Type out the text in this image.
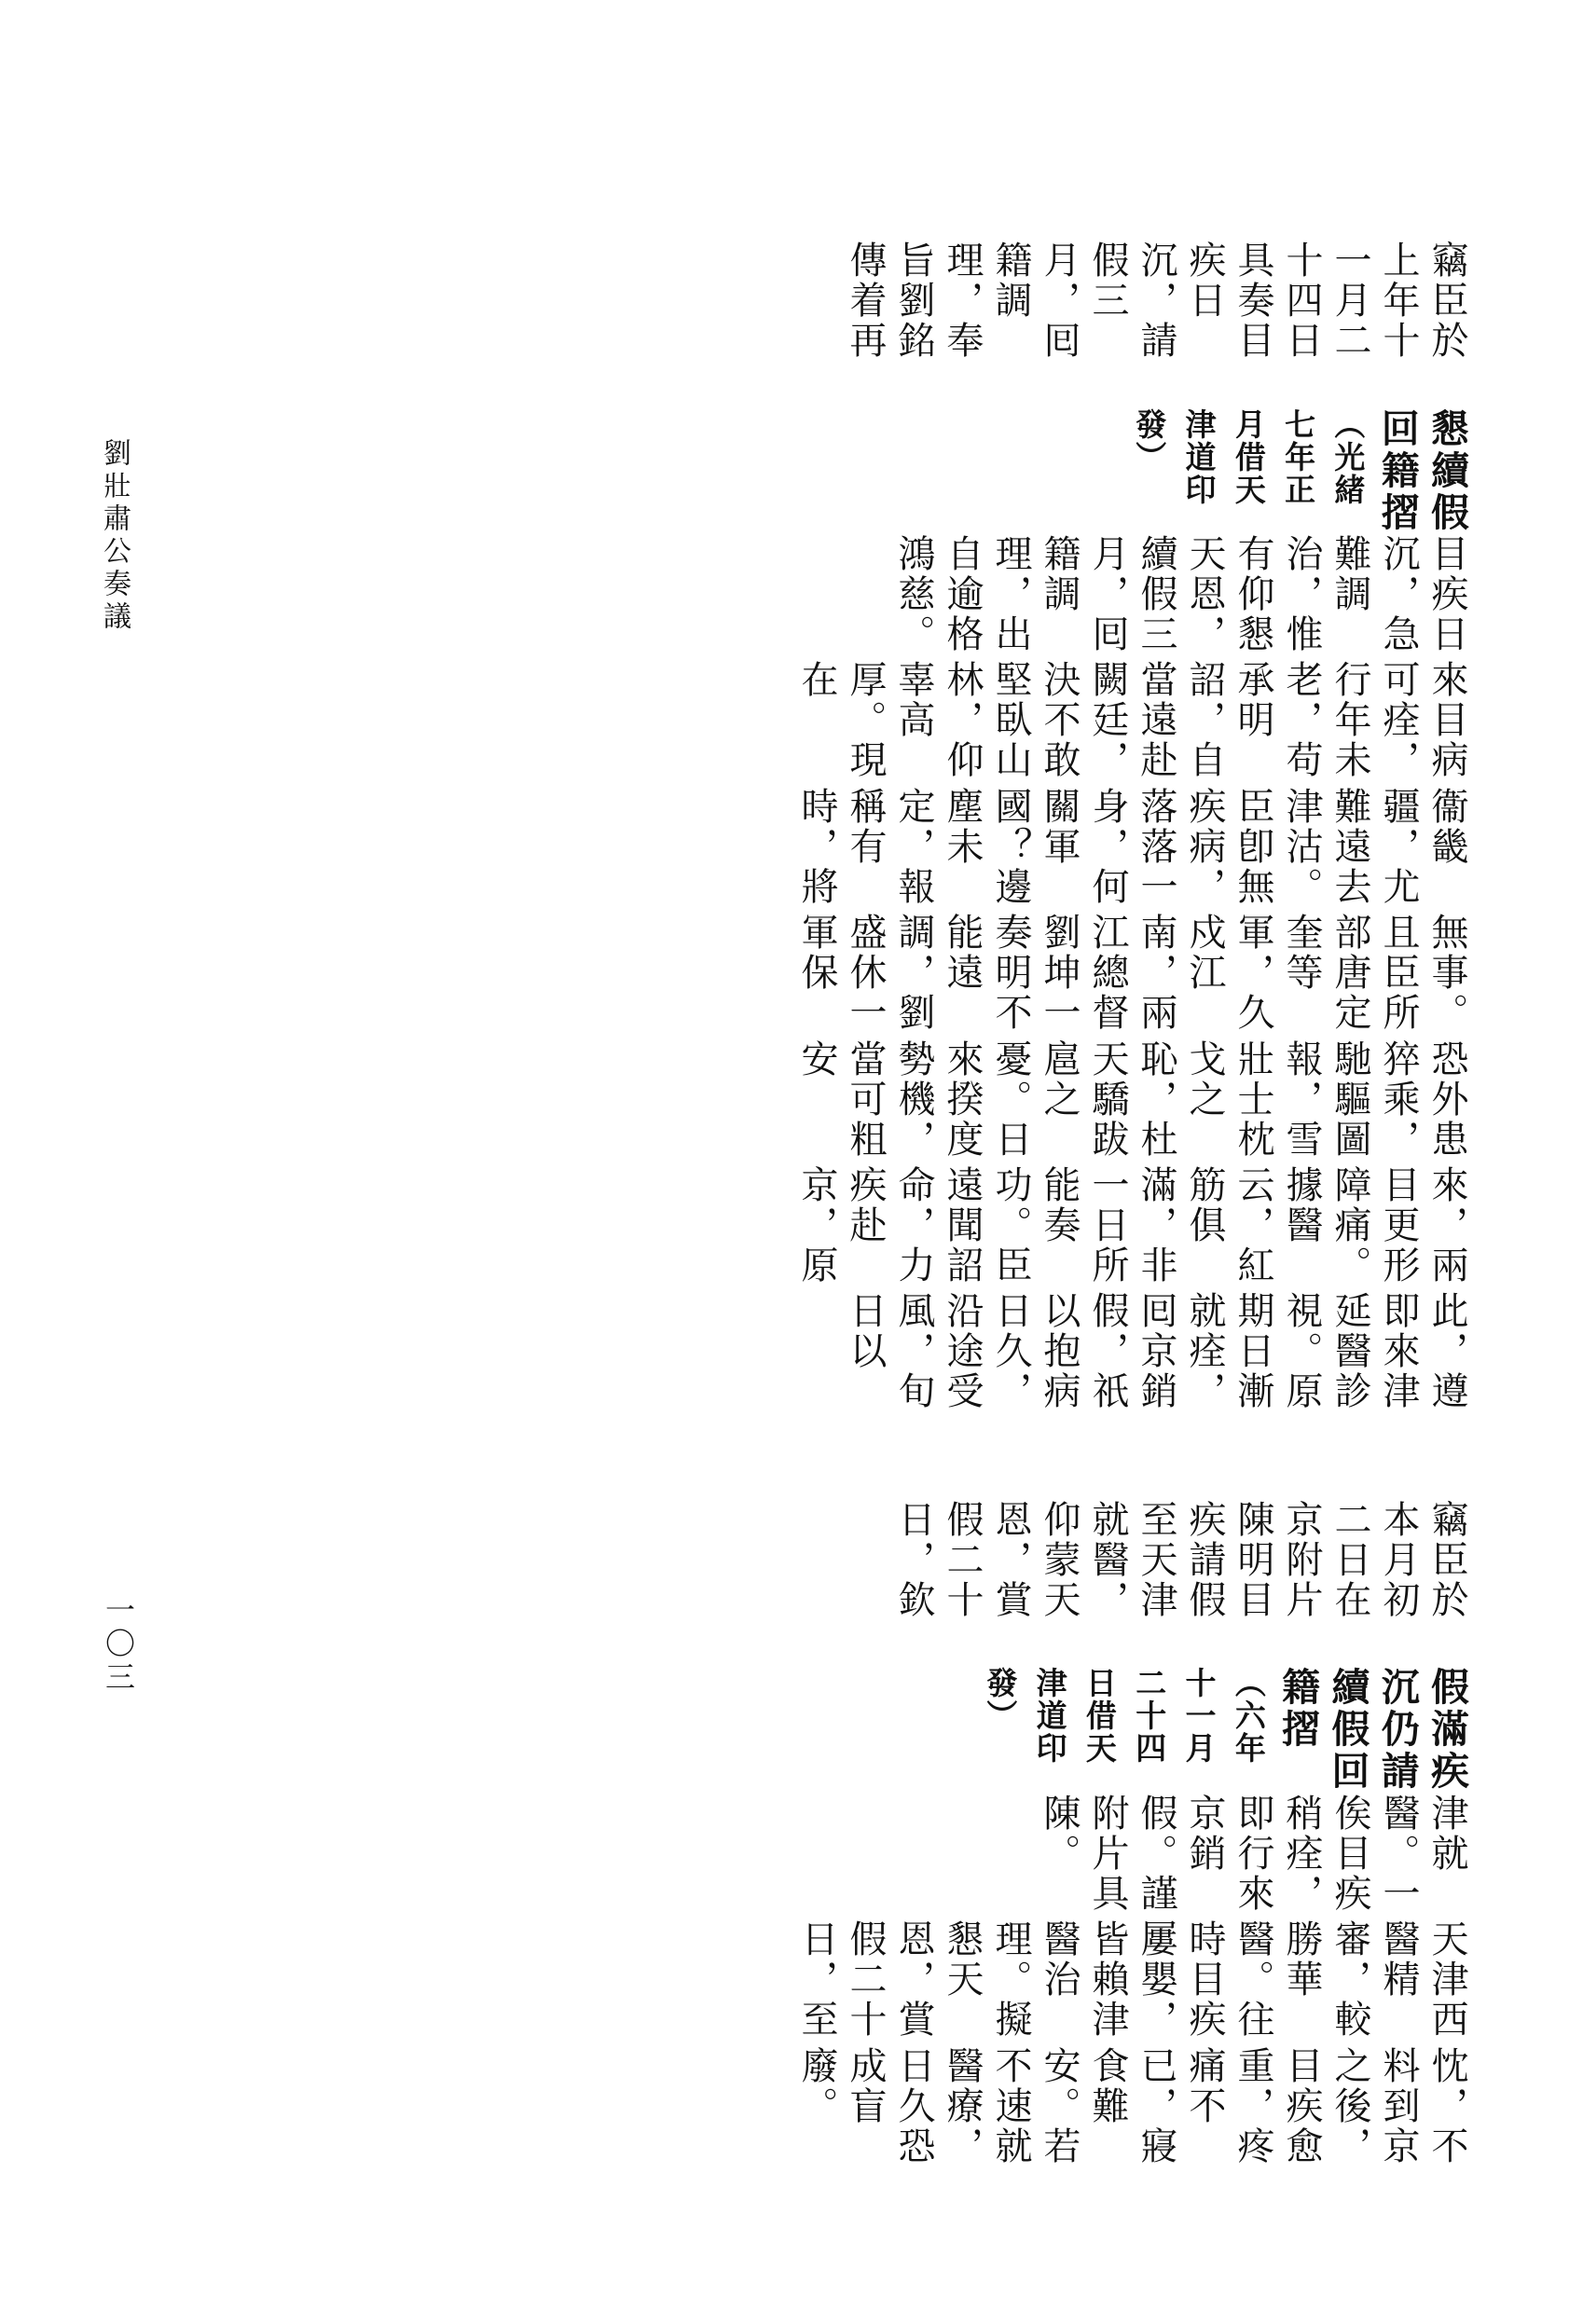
忱，不料到京之後，目疾愈重，疼痛不已，寢食難安。若不速就醫療，日久恐成盲廢。
天津西醫精審，較勝華醫。往時目疾屢嬰，皆賴津醫治理。擬懇天恩，賞假二十日，至
津就醫。一俟目疾稍痊，即行來京銷假。謹附片具陳。
假滿疾沉仍請續假回籍摺（六年十一月二十四日借天津道印發）
竊臣於本月初二日在京附片陳明目疾請假至天津就醫，仰蒙天恩，賞假二十日，欽
此，遵即來津延醫診視。原期日漸就痊，囘京銷假，祇以抱病日久，沿途受風，旬日以
來，兩目更形障痛。據醫云，紅筋俱滿，非一日所能奏功。臣遠聞詔命，力疾赴京，原
恐外患猝乘，馳驅圖報，雪壯士枕戈之恥，杜天驕跋扈之憂。日來揆度勢機，當可粗安
無事。且臣所部唐定奎等軍，久戍江南，兩江總督劉坤一奏明不能遠調，劉盛休一軍保
衞畿疆，尤難遠去津沽。臣卽無疾病，落落一身，何關軍國？邊塵未定，報稱有時，將
來目病可痊，行年未老，苟承明詔，自當遠赴闕廷，決不敢堅臥山林，仰辜高厚。現在
目疾日沉，急難調治，惟有仰懇天恩，續假三月，囘籍調理，出自逾格鴻慈。
懇續假回籍摺（光緒七年正月借天津道印發）
竊臣於上年十一月二十四日具奏目疾日沉，請假三月，囘籍調理，奉旨劉銘傳着再
劉壯肅公奏議
一〇三
